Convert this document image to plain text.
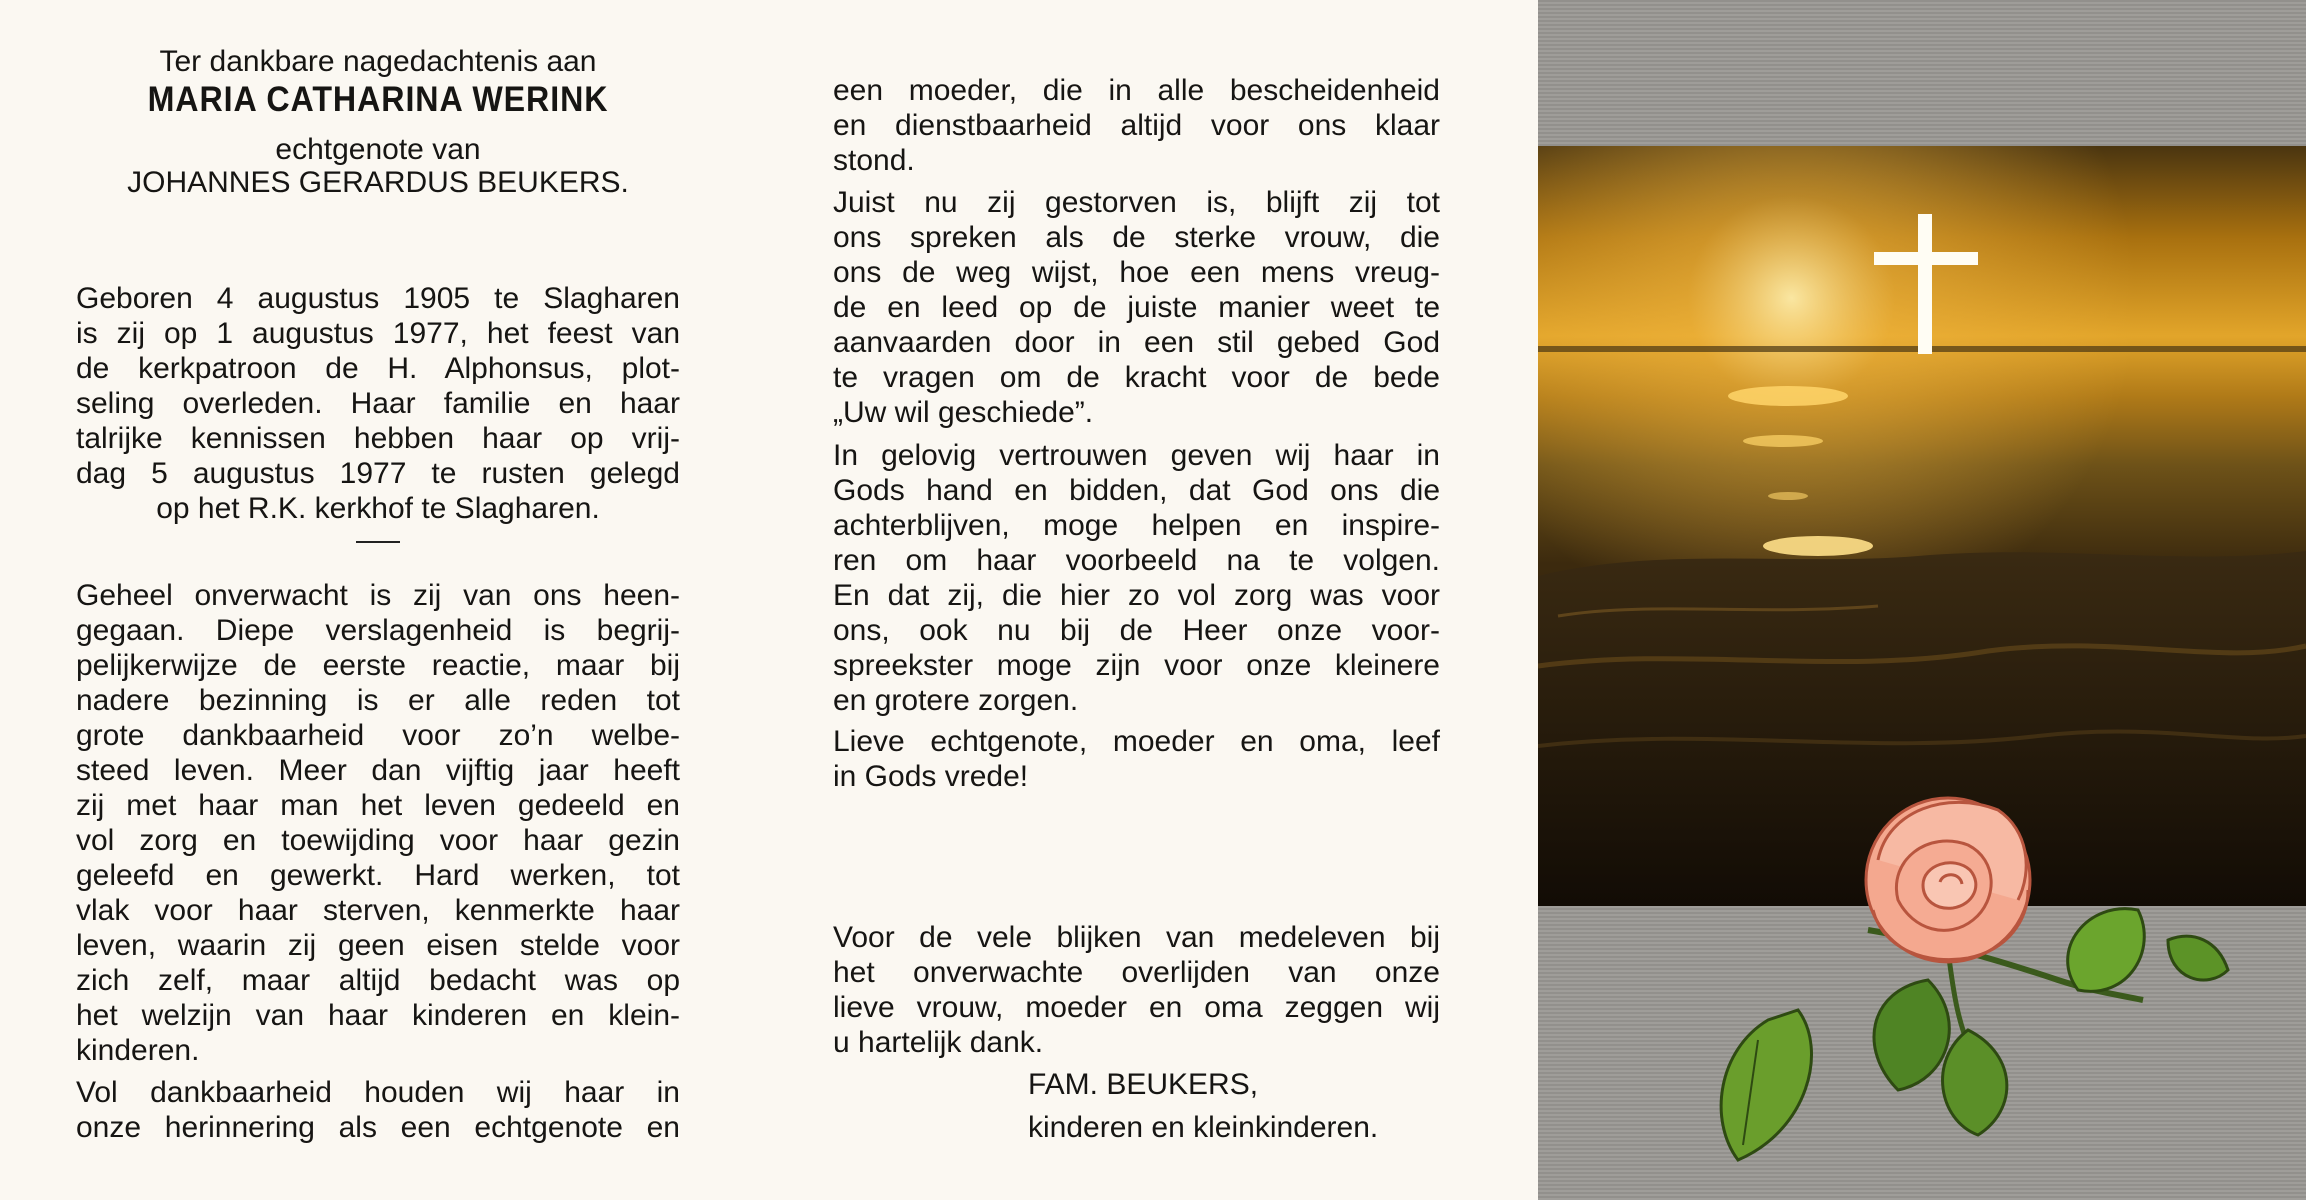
Ter dankbare nagedachtenis aan
MARIA CATHARINA WERINK
echtgenote van
JOHANNES GERARDUS BEUKERS.
Geboren 4 augustus 1905 te Slagharen
is zij op 1 augustus 1977, het feest van
de kerkpatroon de H. Alphonsus, plot-
seling overleden. Haar familie en haar
talrijke kennissen hebben haar op vrij-
dag 5 augustus 1977 te rusten gelegd
op het R.K. kerkhof te Slagharen.
Geheel onverwacht is zij van ons heen-
gegaan. Diepe verslagenheid is begrij-
pelijkerwijze de eerste reactie, maar bij
nadere bezinning is er alle reden tot
grote dankbaarheid voor zo’n welbe-
steed leven. Meer dan vijftig jaar heeft
zij met haar man het leven gedeeld en
vol zorg en toewijding voor haar gezin
geleefd en gewerkt. Hard werken, tot
vlak voor haar sterven, kenmerkte haar
leven, waarin zij geen eisen stelde voor
zich zelf, maar altijd bedacht was op
het welzijn van haar kinderen en klein-
kinderen.
Vol dankbaarheid houden wij haar in
onze herinnering als een echtgenote en
een moeder, die in alle bescheidenheid
en dienstbaarheid altijd voor ons klaar
stond.
Juist nu zij gestorven is, blijft zij tot
ons spreken als de sterke vrouw, die
ons de weg wijst, hoe een mens vreug-
de en leed op de juiste manier weet te
aanvaarden door in een stil gebed God
te vragen om de kracht voor de bede
„Uw wil geschiede”.
In gelovig vertrouwen geven wij haar in
Gods hand en bidden, dat God ons die
achterblijven, moge helpen en inspire-
ren om haar voorbeeld na te volgen.
En dat zij, die hier zo vol zorg was voor
ons, ook nu bij de Heer onze voor-
spreekster moge zijn voor onze kleinere
en grotere zorgen.
Lieve echtgenote, moeder en oma, leef
in Gods vrede!
Voor de vele blijken van medeleven bij
het onverwachte overlijden van onze
lieve vrouw, moeder en oma zeggen wij
u hartelijk dank.
FAM. BEUKERS,
kinderen en kleinkinderen.
